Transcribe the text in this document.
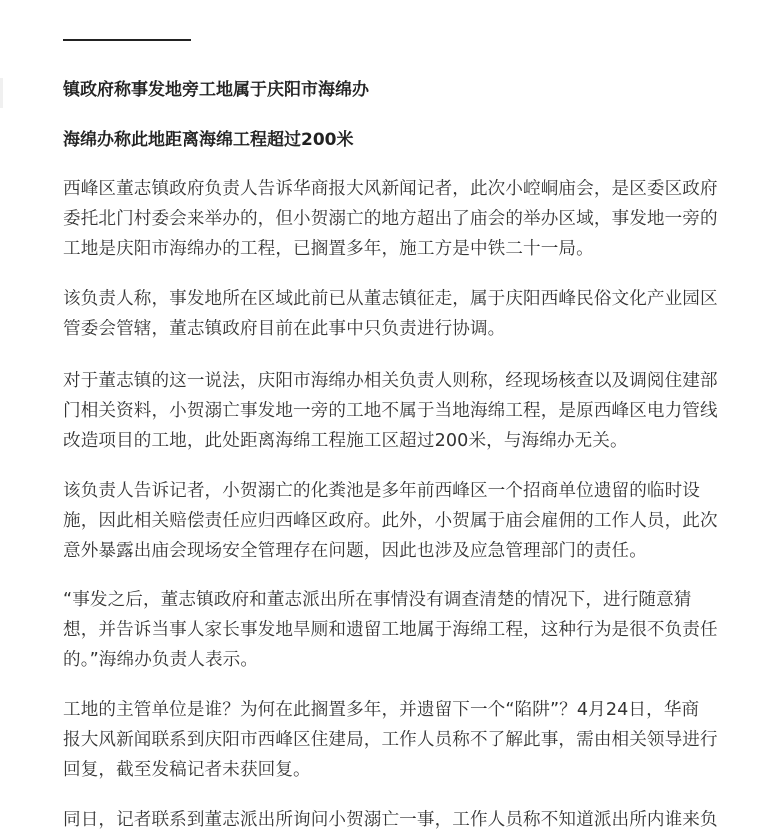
镇政府称事发地旁工地属于庆阳市海绵办
海绵办称此地距离海绵工程超过200米
西峰区董志镇政府负责人告诉华商报大风新闻记者，此次小崆峒庙会，是区委区政府
委托北门村委会来举办的，但小贺溺亡的地方超出了庙会的举办区域，事发地一旁的
工地是庆阳市海绵办的工程，已搁置多年，施工方是中铁二十一局。
该负责人称，事发地所在区域此前已从董志镇征走，属于庆阳西峰民俗文化产业园区
管委会管辖，董志镇政府目前在此事中只负责进行协调。
对于董志镇的这一说法，庆阳市海绵办相关负责人则称，经现场核查以及调阅住建部
门相关资料，小贺溺亡事发地一旁的工地不属于当地海绵工程，是原西峰区电力管线
改造项目的工地，此处距离海绵工程施工区超过200米，与海绵办无关。
该负责人告诉记者，小贺溺亡的化粪池是多年前西峰区一个招商单位遗留的临时设
施，因此相关赔偿责任应归西峰区政府。此外，小贺属于庙会雇佣的工作人员，此次
意外暴露出庙会现场安全管理存在问题，因此也涉及应急管理部门的责任。
“事发之后，董志镇政府和董志派出所在事情没有调查清楚的情况下，进行随意猜
想，并告诉当事人家长事发地旱厕和遗留工地属于海绵工程，这种行为是很不负责任
的。”海绵办负责人表示。
工地的主管单位是谁？为何在此搁置多年，并遗留下一个“陷阱”？4月24日，华商
报大风新闻联系到庆阳市西峰区住建局，工作人员称不了解此事，需由相关领导进行
回复，截至发稿记者未获回复。
同日，记者联系到董志派出所询问小贺溺亡一事，工作人员称不知道派出所内谁来负
